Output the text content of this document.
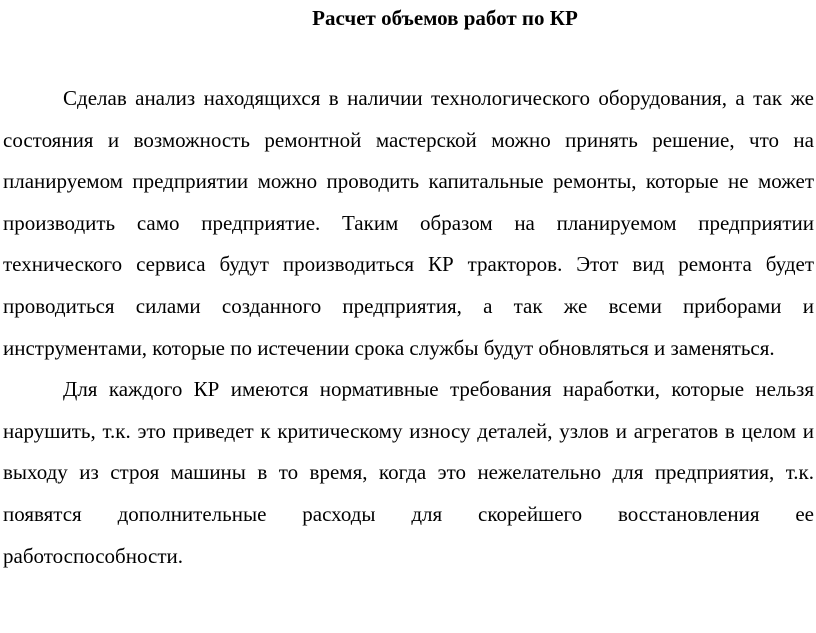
Расчет объемов работ по КР

Сделав анализ находящихся в наличии технологического оборудования, а так же состояния и возможность ремонтной мастерской можно принять решение, что на планируемом предприятии можно проводить капитальные ремонты, которые не может производить само предприятие. Таким образом на планируемом предприятии технического сервиса будут производиться КР тракторов. Этот вид ремонта будет проводиться силами созданного предприятия, а так же всеми приборами и инструментами, которые по истечении срока службы будут обновляться и заменяться.

Для каждого КР имеются нормативные требования наработки, которые нельзя нарушить, т.к. это приведет к критическому износу деталей, узлов и агрегатов в целом и выходу из строя машины в то время, когда это нежелательно для предприятия, т.к. появятся дополнительные расходы для скорейшего восстановления ее работоспособности.
